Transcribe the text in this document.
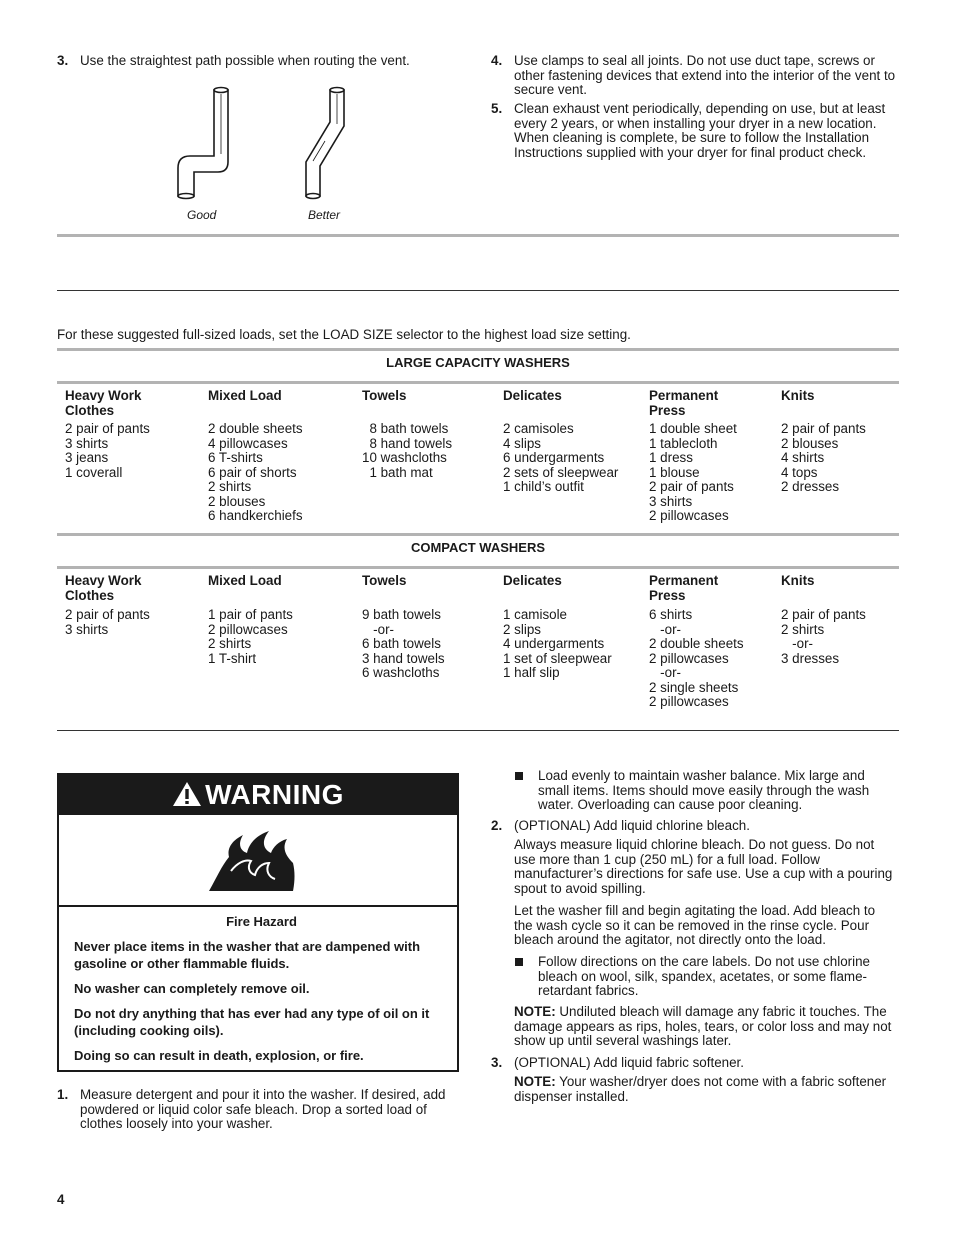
3. Use the straightest path possible when routing the vent.
Good	Better
4. Use clamps to seal all joints. Do not use duct tape, screws or other fastening devices that extend into the interior of the vent to secure vent.
5. Clean exhaust vent periodically, depending on use, but at least every 2 years, or when installing your dryer in a new location. When cleaning is complete, be sure to follow the Installation Instructions supplied with your dryer for final product check.
For these suggested full-sized loads, set the LOAD SIZE selector to the highest load size setting.
LARGE CAPACITY WASHERS
Heavy Work
Clothes
2 pair of pants
3 shirts
3 jeans
1 coverall
Mixed Load
2 double sheets
4 pillowcases
6 T-shirts
6 pair of shorts
2 shirts
2 blouses
6 handkerchiefs
Towels
8 bath towels
8 hand towels
10 washcloths
1 bath mat
Delicates
2 camisoles
4 slips
6 undergarments
2 sets of sleepwear
1 child’s outfit
Permanent
Press
1 double sheet
1 tablecloth
1 dress
1 blouse
2 pair of pants
3 shirts
2 pillowcases
Knits
2 pair of pants
2 blouses
4 shirts
4 tops
2 dresses
COMPACT WASHERS
Heavy Work
Clothes
2 pair of pants
3 shirts
Mixed Load
1 pair of pants
2 pillowcases
2 shirts
1 T-shirt
Towels
9 bath towels
-or-
6 bath towels
3 hand towels
6 washcloths
Delicates
1 camisole
2 slips
4 undergarments
1 set of sleepwear
1 half slip
Permanent
Press
6 shirts
-or-
2 double sheets
2 pillowcases
-or-
2 single sheets
2 pillowcases
Knits
2 pair of pants
2 shirts
-or-
3 dresses
WARNING
Fire Hazard
Never place items in the washer that are dampened with gasoline or other flammable fluids.
No washer can completely remove oil.
Do not dry anything that has ever had any type of oil on it (including cooking oils).
Doing so can result in death, explosion, or fire.
1. Measure detergent and pour it into the washer. If desired, add powdered or liquid color safe bleach. Drop a sorted load of clothes loosely into your washer.
Load evenly to maintain washer balance. Mix large and small items. Items should move easily through the wash water. Overloading can cause poor cleaning.
2. (OPTIONAL) Add liquid chlorine bleach.
Always measure liquid chlorine bleach. Do not guess. Do not use more than 1 cup (250 mL) for a full load. Follow manufacturer’s directions for safe use. Use a cup with a pouring spout to avoid spilling.
Let the washer fill and begin agitating the load. Add bleach to the wash cycle so it can be removed in the rinse cycle. Pour bleach around the agitator, not directly onto the load.
Follow directions on the care labels. Do not use chlorine bleach on wool, silk, spandex, acetates, or some flame-retardant fabrics.
NOTE: Undiluted bleach will damage any fabric it touches. The damage appears as rips, holes, tears, or color loss and may not show up until several washings later.
3. (OPTIONAL) Add liquid fabric softener.
NOTE: Your washer/dryer does not come with a fabric softener dispenser installed.
4
